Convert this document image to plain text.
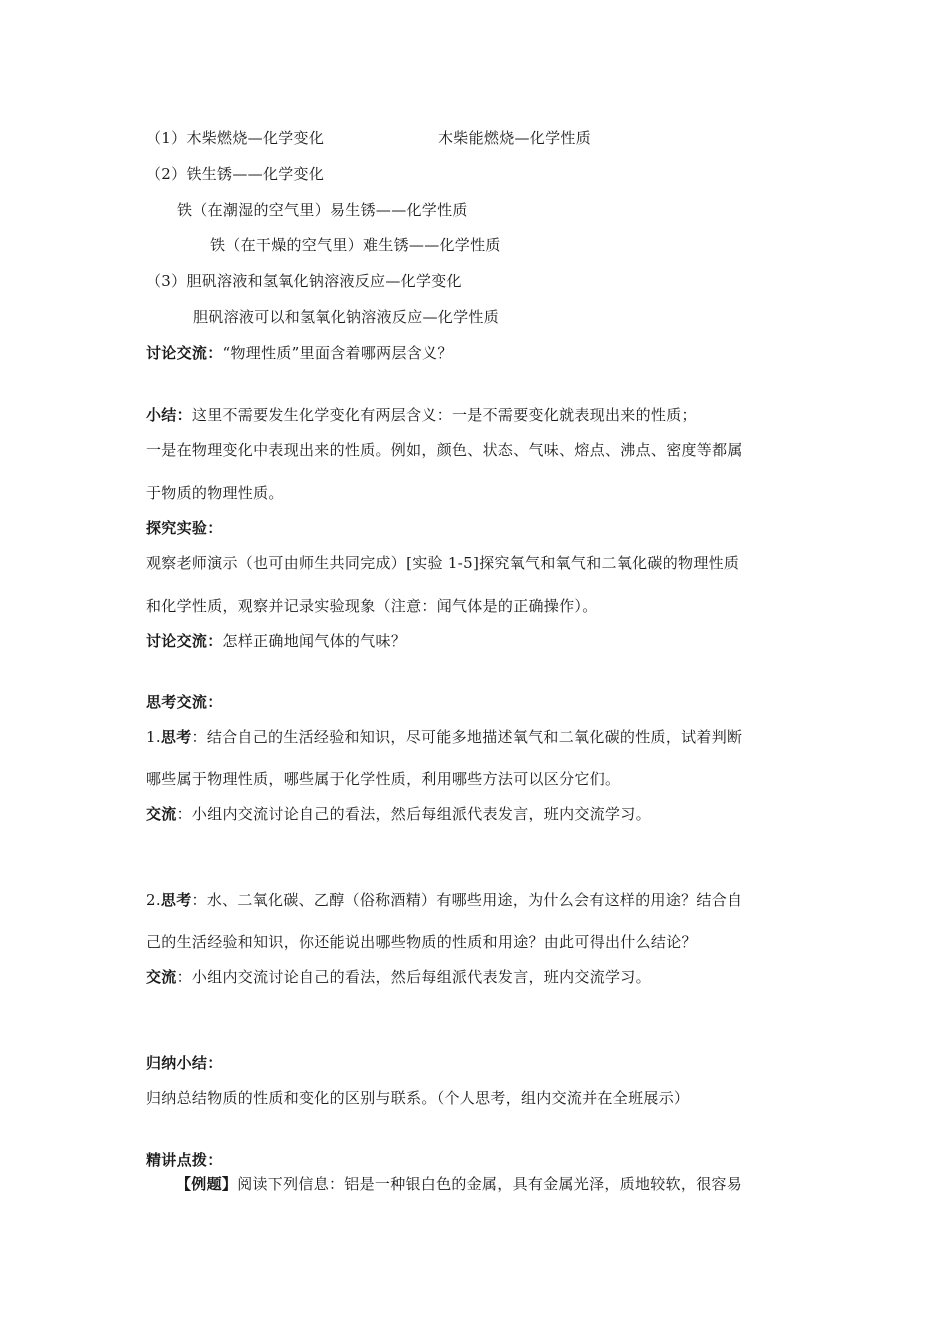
（1）木柴燃烧—化学变化	木柴能燃烧—化学性质
（2）铁生锈——化学变化
铁（在潮湿的空气里）易生锈——化学性质
铁（在干燥的空气里）难生锈——化学性质
（3）胆矾溶液和氢氧化钠溶液反应—化学变化
胆矾溶液可以和氢氧化钠溶液反应—化学性质
讨论交流：“物理性质”里面含着哪两层含义？
小结：这里不需要发生化学变化有两层含义：一是不需要变化就表现出来的性质；
一是在物理变化中表现出来的性质。例如，颜色、状态、气味、熔点、沸点、密度等都属
于物质的物理性质。
探究实验：
观察老师演示（也可由师生共同完成）[实验 1-5]探究氧气和氧气和二氧化碳的物理性质
和化学性质，观察并记录实验现象（注意：闻气体是的正确操作）。
讨论交流：怎样正确地闻气体的气味？
思考交流：
1.思考：结合自己的生活经验和知识，尽可能多地描述氧气和二氧化碳的性质，试着判断
哪些属于物理性质，哪些属于化学性质，利用哪些方法可以区分它们。
交流：小组内交流讨论自己的看法，然后每组派代表发言，班内交流学习。
2.思考：水、二氧化碳、乙醇（俗称酒精）有哪些用途，为什么会有这样的用途？结合自
己的生活经验和知识，你还能说出哪些物质的性质和用途？由此可得出什么结论？
交流：小组内交流讨论自己的看法，然后每组派代表发言，班内交流学习。
归纳小结：
归纳总结物质的性质和变化的区别与联系。（个人思考，组内交流并在全班展示）
精讲点拨：
【例题】阅读下列信息：铝是一种银白色的金属，具有金属光泽，质地较软，很容易
